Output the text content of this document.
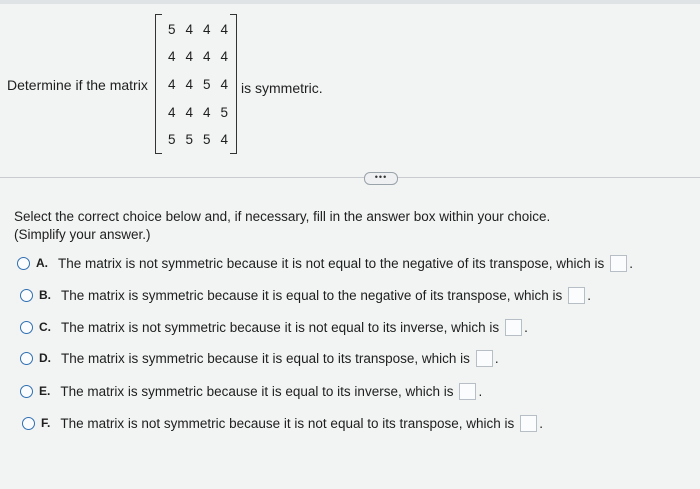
Determine if the matrix
5 4 4 4
4 4 4 4
4 4 5 4
4 4 4 5
5 5 5 4
is symmetric.
•••
Select the correct choice below and, if necessary, fill in the answer box within your choice.
(Simplify your answer.)
A. The matrix is not symmetric because it is not equal to the negative of its transpose, which is .
B. The matrix is symmetric because it is equal to the negative of its transpose, which is .
C. The matrix is not symmetric because it is not equal to its inverse, which is .
D. The matrix is symmetric because it is equal to its transpose, which is .
E. The matrix is symmetric because it is equal to its inverse, which is .
F. The matrix is not symmetric because it is not equal to its transpose, which is .
